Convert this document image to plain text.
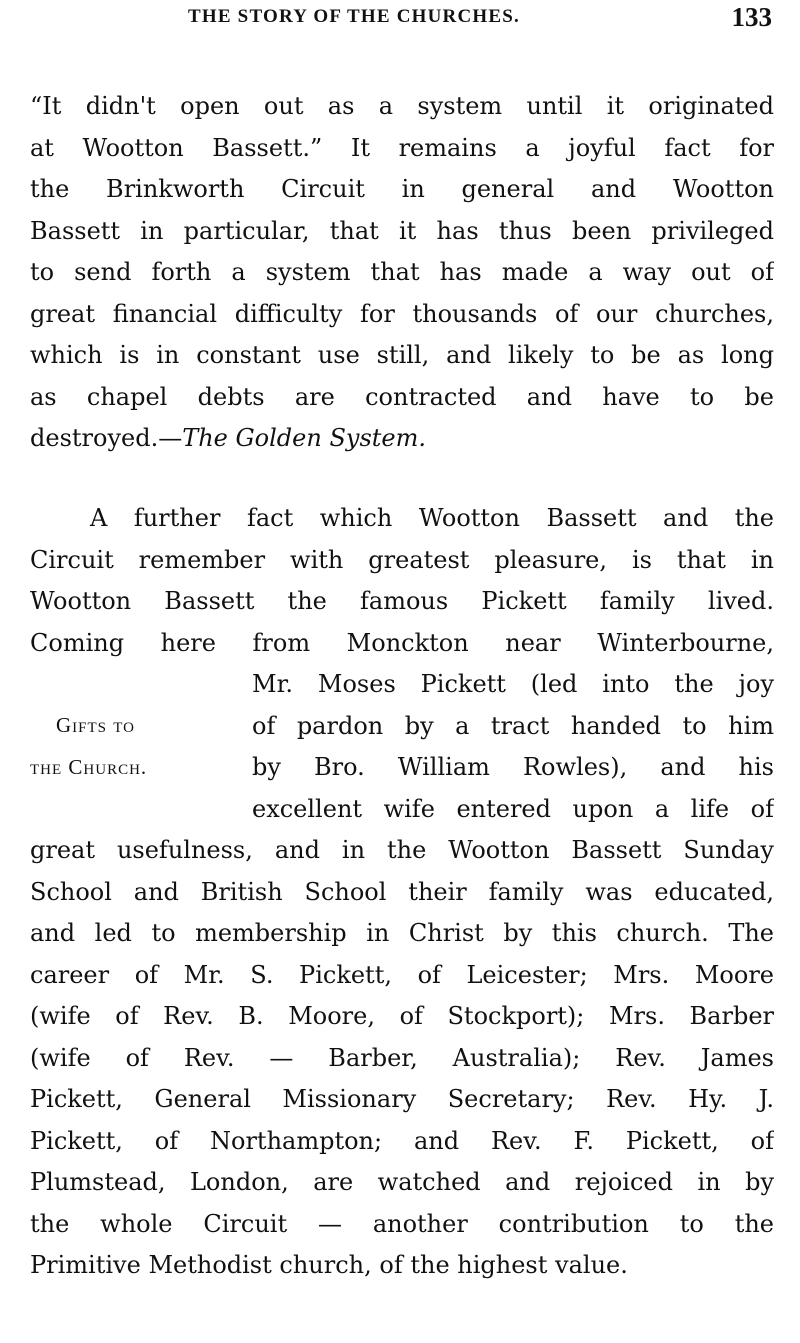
THE STORY OF THE CHURCHES.	133
“It didn't open out as a system until it originated
at Wootton Bassett.” It remains a joyful fact for
the Brinkworth Circuit in general and Wootton
Bassett in particular, that it has thus been privileged
to send forth a system that has made a way out of
great financial difficulty for thousands of our churches,
which is in constant use still, and likely to be as long
as chapel debts are contracted and have to be
destroyed.—The Golden System.
A further fact which Wootton Bassett and the
Circuit remember with greatest pleasure, is that in
Wootton Bassett the famous Pickett family lived.
Coming here from Monckton near Winterbourne,
Mr. Moses Pickett (led into the joy
of pardon by a tract handed to him
by Bro. William Rowles), and his
excellent wife entered upon a life of
Gifts to
the Church.
great usefulness, and in the Wootton Bassett Sunday
School and British School their family was educated,
and led to membership in Christ by this church. The
career of Mr. S. Pickett, of Leicester; Mrs. Moore
(wife of Rev. B. Moore, of Stockport); Mrs. Barber
(wife of Rev. — Barber, Australia); Rev. James
Pickett, General Missionary Secretary; Rev. Hy. J.
Pickett, of Northampton; and Rev. F. Pickett, of
Plumstead, London, are watched and rejoiced in by
the whole Circuit — another contribution to the
Primitive Methodist church, of the highest value.
